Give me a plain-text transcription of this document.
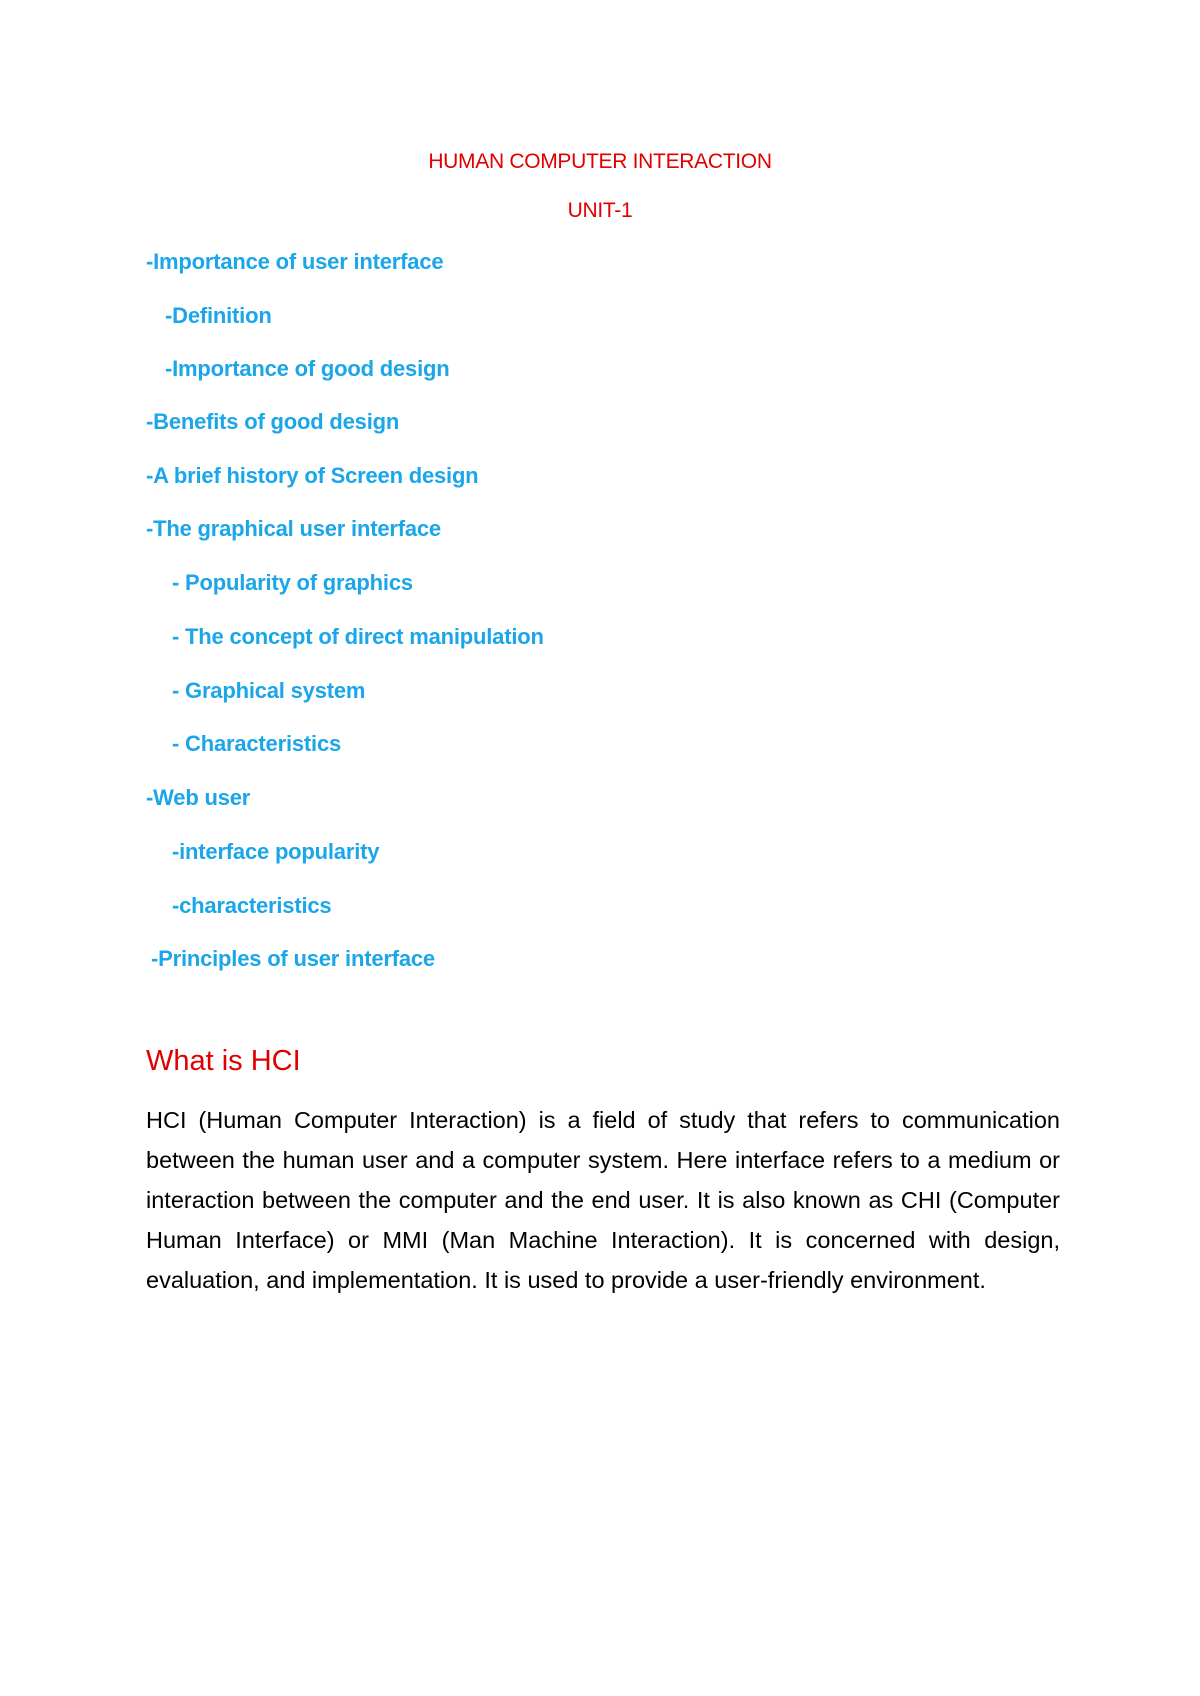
HUMAN COMPUTER INTERACTION
UNIT-1
-Importance of user interface
-Definition
-Importance of good design
-Benefits of good design
-A brief history of Screen design
-The graphical user interface
- Popularity of graphics
- The concept of direct manipulation
- Graphical system
- Characteristics
-Web user
-interface popularity
-characteristics
-Principles of user interface
What is HCI

HCI (Human Computer Interaction) is a field of study that refers to communication between the human user and a computer system. Here interface refers to a medium or interaction between the computer and the end user. It is also known as CHI (Computer Human Interface) or MMI (Man Machine Interaction). It is concerned with design, evaluation, and implementation. It is used to provide a user-friendly environment.
